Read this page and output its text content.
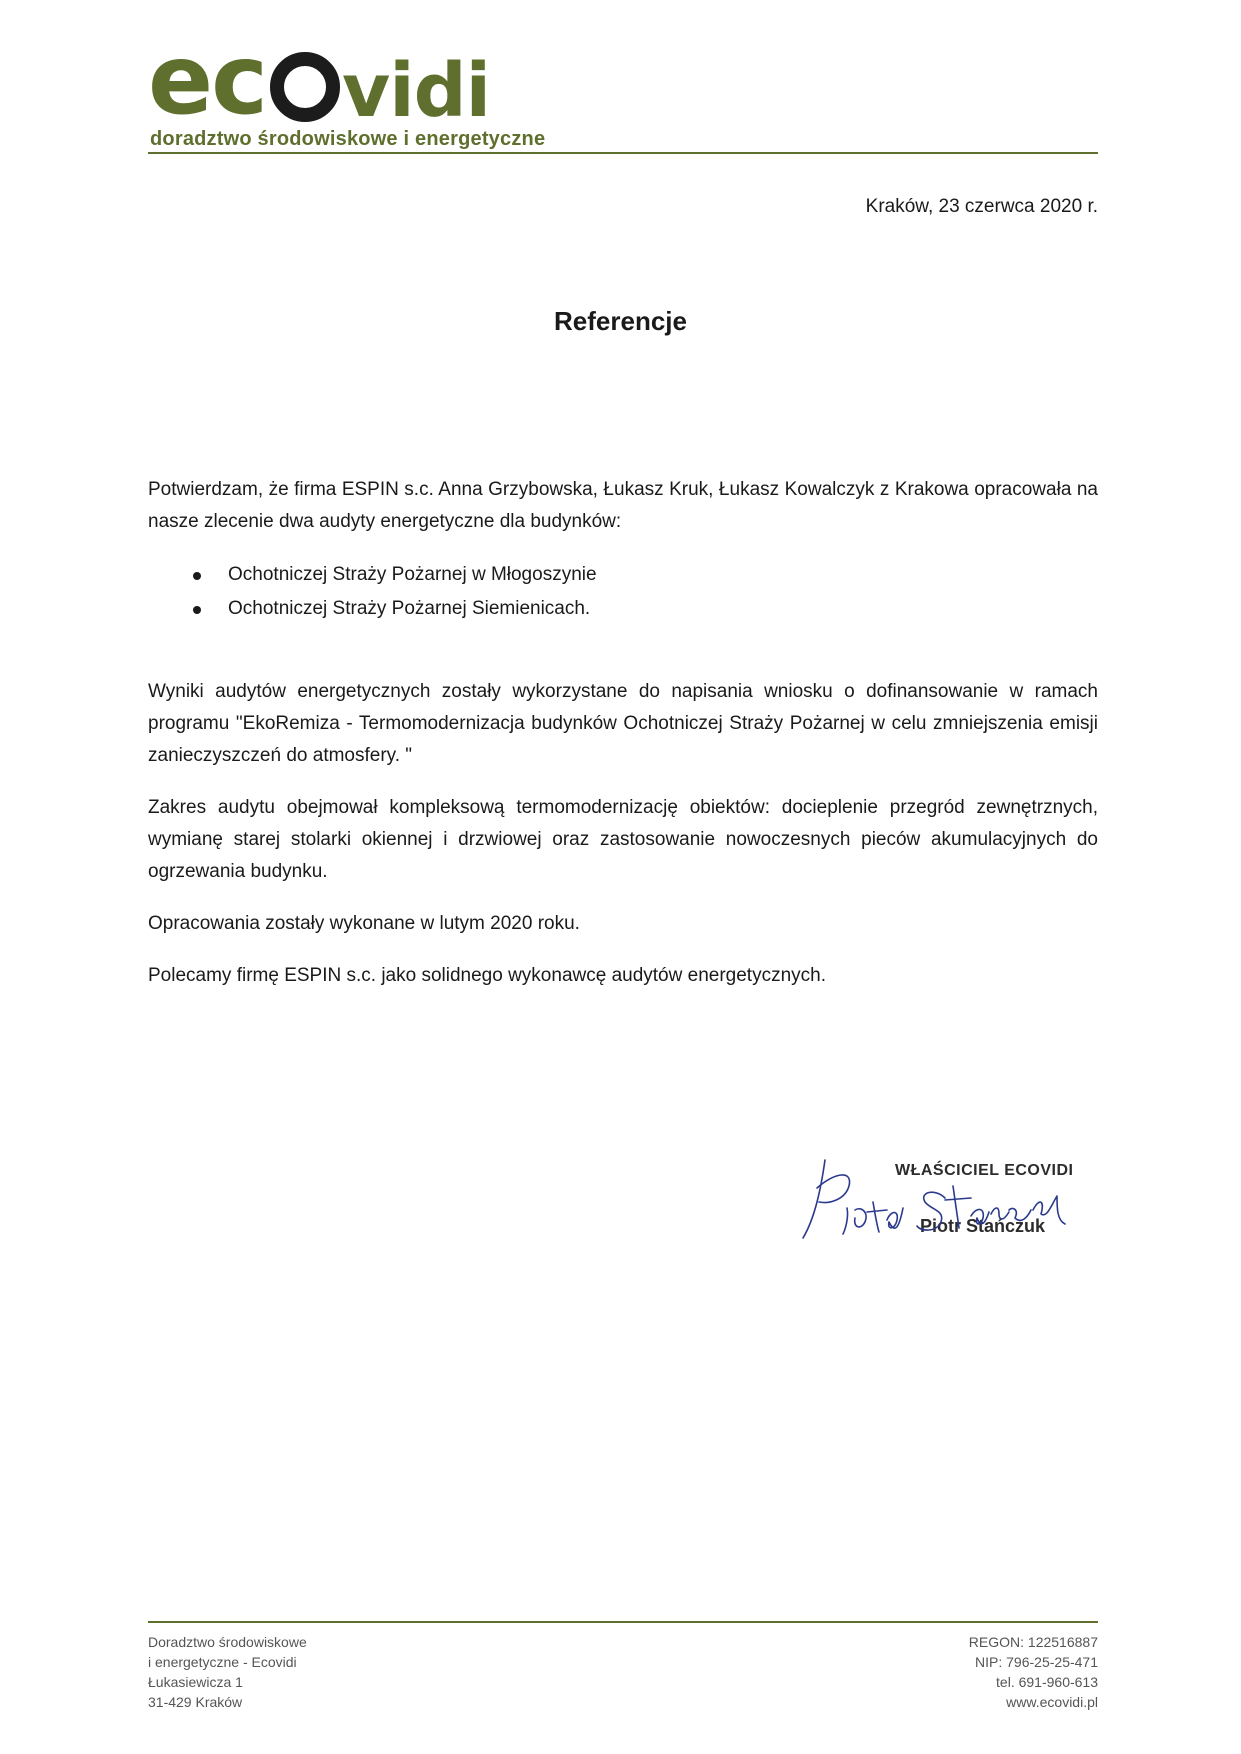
ec vidi
doradztwo środowiskowe i energetyczne
Kraków, 23 czerwca 2020 r.
Referencje

Potwierdzam, że firma ESPIN s.c. Anna Grzybowska, Łukasz Kruk, Łukasz Kowalczyk z Krakowa opracowała na nasze zlecenie dwa audyty energetyczne dla budynków:

Ochotniczej Straży Pożarnej w Młogoszynie
Ochotniczej Straży Pożarnej Siemienicach.

Wyniki audytów energetycznych zostały wykorzystane do napisania wniosku o dofinansowanie w ramach programu "EkoRemiza - Termomodernizacja budynków Ochotniczej Straży Pożarnej w celu zmniejszenia emisji zanieczyszczeń do atmosfery. "

Zakres audytu obejmował kompleksową termomodernizację obiektów: docieplenie przegród zewnętrznych, wymianę starej stolarki okiennej i drzwiowej oraz zastosowanie nowoczesnych pieców akumulacyjnych do ogrzewania budynku.

Opracowania zostały wykonane w lutym 2020 roku.

Polecamy firmę ESPIN s.c. jako solidnego wykonawcę audytów energetycznych.

WŁAŚCICIEL ECOVIDI
Piotr Stańczuk
Doradztwo środowiskowe
i energetyczne - Ecovidi
Łukasiewicza 1
31-429 Kraków
REGON: 122516887
NIP: 796-25-25-471
tel. 691-960-613
www.ecovidi.pl
